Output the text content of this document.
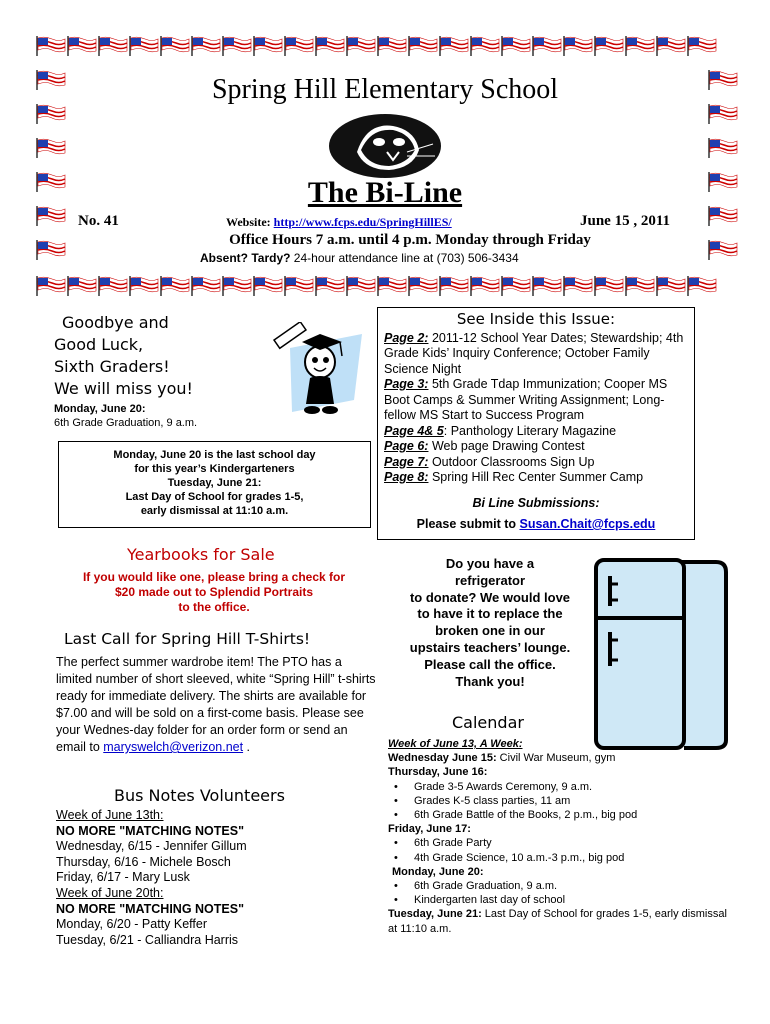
Spring Hill Elementary School
The Bi-Line
No. 41	Website: http://www.fcps.edu/SpringHillES/	June 15 , 2011
Office Hours 7 a.m. until 4 p.m. Monday through Friday
Absent? Tardy? 24-hour attendance line at (703) 506-3434
Goodbye and
Good Luck,
Sixth Graders!
We will miss you!
Monday, June 20:
6th Grade Graduation, 9 a.m.
Monday, June 20 is the last school day
for this year’s Kindergarteners
Tuesday, June 21:
Last Day of School for grades 1-5,
early dismissal at 11:10 a.m.
See Inside this Issue:
Page 2: 2011-12 School Year Dates; Stewardship; 4th Grade Kids’ Inquiry Conference; October Family Science Night
Page 3: 5th Grade Tdap Immunization; Cooper MS Boot Camps & Summer Writing Assignment; Long-fellow MS Start to Success Program
Page 4& 5: Panthology Literary Magazine
Page 6: Web page Drawing Contest
Page 7: Outdoor Classrooms Sign Up
Page 8: Spring Hill Rec Center Summer Camp
Bi Line Submissions:
Please submit to Susan.Chait@fcps.edu
Yearbooks for Sale
If you would like one, please bring a check for
$20 made out to Splendid Portraits
to the office.
Last Call for Spring Hill T-Shirts!
The perfect summer wardrobe item! The PTO has a limited number of short sleeved, white “Spring Hill” t-shirts ready for immediate delivery. The shirts are available for $7.00 and will be sold on a first-come basis. Please see your Wednes-day folder for an order form or send an email to maryswelch@verizon.net .
Do you have a
refrigerator
to donate? We would love
to have it to replace the
broken one in our
upstairs teachers’ lounge.
Please call the office.
Thank you!
Bus Notes Volunteers
Week of June 13th:
NO MORE "MATCHING NOTES"
Wednesday, 6/15 - Jennifer Gillum
Thursday, 6/16 - Michele Bosch
Friday, 6/17 - Mary Lusk
Week of June 20th:
NO MORE "MATCHING NOTES"
Monday, 6/20 - Patty Keffer
Tuesday, 6/21 - Calliandra Harris
Calendar
Week of June 13, A Week:
Wednesday June 15: Civil War Museum, gym
Thursday, June 16:
• Grade 3-5 Awards Ceremony, 9 a.m.
• Grades K-5 class parties, 11 am
• 6th Grade Battle of the Books, 2 p.m., big pod
Friday, June 17:
• 6th Grade Party
• 4th Grade Science, 10 a.m.-3 p.m., big pod
Monday, June 20:
• 6th Grade Graduation, 9 a.m.
• Kindergarten last day of school
Tuesday, June 21: Last Day of School for grades 1-5, early dismissal at 11:10 a.m.
